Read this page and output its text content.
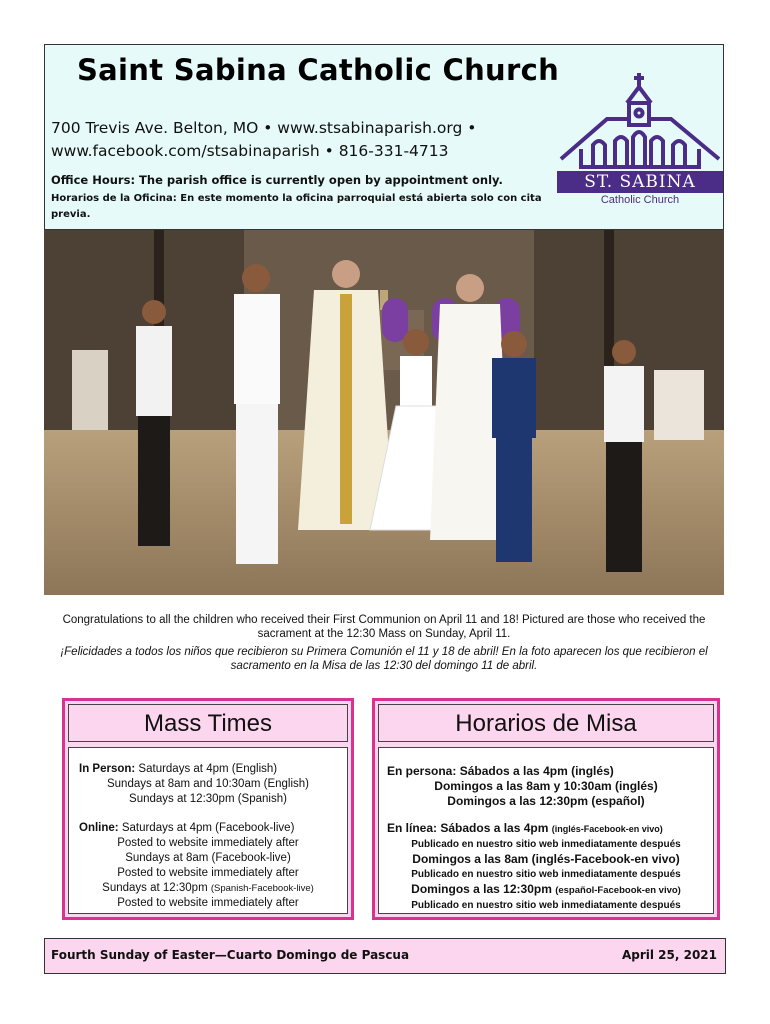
Saint Sabina Catholic Church
700 Trevis Ave. Belton, MO • www.stsabinaparish.org •
www.facebook.com/stsabinaparish • 816-331-4713
Office Hours: The parish office is currently open by appointment only.
Horarios de la Oficina: En este momento la oficina parroquial está abierta solo con cita previa.
ST. SABINA
Catholic Church
Congratulations to all the children who received their First Communion on April 11 and 18! Pictured are those who received the sacrament at the 12:30 Mass on Sunday, April 11.
¡Felicidades a todos los niños que recibieron su Primera Comunión el 11 y 18 de abril! En la foto aparecen los que recibieron el sacramento en la Misa de las 12:30 del domingo 11 de abril.
Mass Times
In Person: Saturdays at 4pm (English)
Sundays at 8am and 10:30am (English)
Sundays at 12:30pm (Spanish)
Online: Saturdays at 4pm (Facebook-live)
Posted to website immediately after
Sundays at 8am (Facebook-live)
Posted to website immediately after
Sundays at 12:30pm (Spanish-Facebook-live)
Posted to website immediately after
Horarios de Misa
En persona: Sábados a las 4pm (inglés)
Domingos a las 8am y 10:30am (inglés)
Domingos a las 12:30pm (español)
En línea: Sábados a las 4pm (inglés-Facebook-en vivo)
Publicado en nuestro sitio web inmediatamente después
Domingos a las 8am (inglés-Facebook-en vivo)
Publicado en nuestro sitio web inmediatamente después
Domingos a las 12:30pm (español-Facebook-en vivo)
Publicado en nuestro sitio web inmediatamente después
Fourth Sunday of Easter—Cuarto Domingo de Pascua	April 25, 2021
